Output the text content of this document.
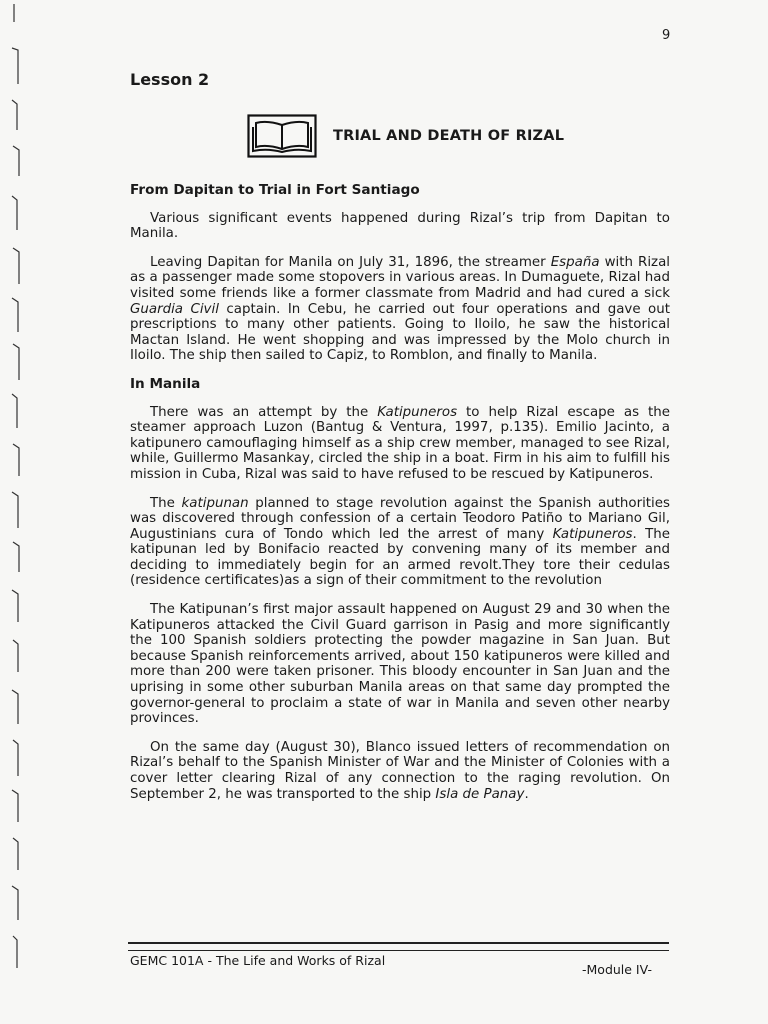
9
Lesson 2
TRIAL AND DEATH OF RIZAL
From Dapitan to Trial in Fort Santiago

Various significant events happened during Rizal’s trip from Dapitan to Manila.

Leaving Dapitan for Manila on July 31, 1896, the streamer España with Rizal as a passenger made some stopovers in various areas. In Dumaguete, Rizal had visited some friends like a former classmate from Madrid and had cured a sick Guardia Civil captain. In Cebu, he carried out four operations and gave out prescriptions to many other patients. Going to Iloilo, he saw the historical Mactan Island. He went shopping and was impressed by the Molo church in Iloilo. The ship then sailed to Capiz, to Romblon, and finally to Manila.

In Manila

There was an attempt by the Katipuneros to help Rizal escape as the steamer approach Luzon (Bantug & Ventura, 1997, p.135). Emilio Jacinto, a katipunero camouflaging himself as a ship crew member, managed to see Rizal, while, Guillermo Masankay, circled the ship in a boat. Firm in his aim to fulfill his mission in Cuba, Rizal was said to have refused to be rescued by Katipuneros.

The katipunan planned to stage revolution against the Spanish authorities was discovered through confession of a certain Teodoro Patiño to Mariano Gil, Augustinians cura of Tondo which led the arrest of many Katipuneros. The katipunan led by Bonifacio reacted by convening many of its member and deciding to immediately begin for an armed revolt.They tore their cedulas (residence certificates)as a sign of their commitment to the revolution

The Katipunan’s first major assault happened on August 29 and 30 when the Katipuneros attacked the Civil Guard garrison in Pasig and more significantly the 100 Spanish soldiers protecting the powder magazine in San Juan. But because Spanish reinforcements arrived, about 150 katipuneros were killed and more than 200 were taken prisoner. This bloody encounter in San Juan and the uprising in some other suburban Manila areas on that same day prompted the governor-general to proclaim a state of war in Manila and seven other nearby provinces.

On the same day (August 30), Blanco issued letters of recommendation on Rizal’s behalf to the Spanish Minister of War and the Minister of Colonies with a cover letter clearing Rizal of any connection to the raging revolution. On September 2, he was transported to the ship Isla de Panay.

GEMC 101A - The Life and Works of Rizal
-Module IV-
